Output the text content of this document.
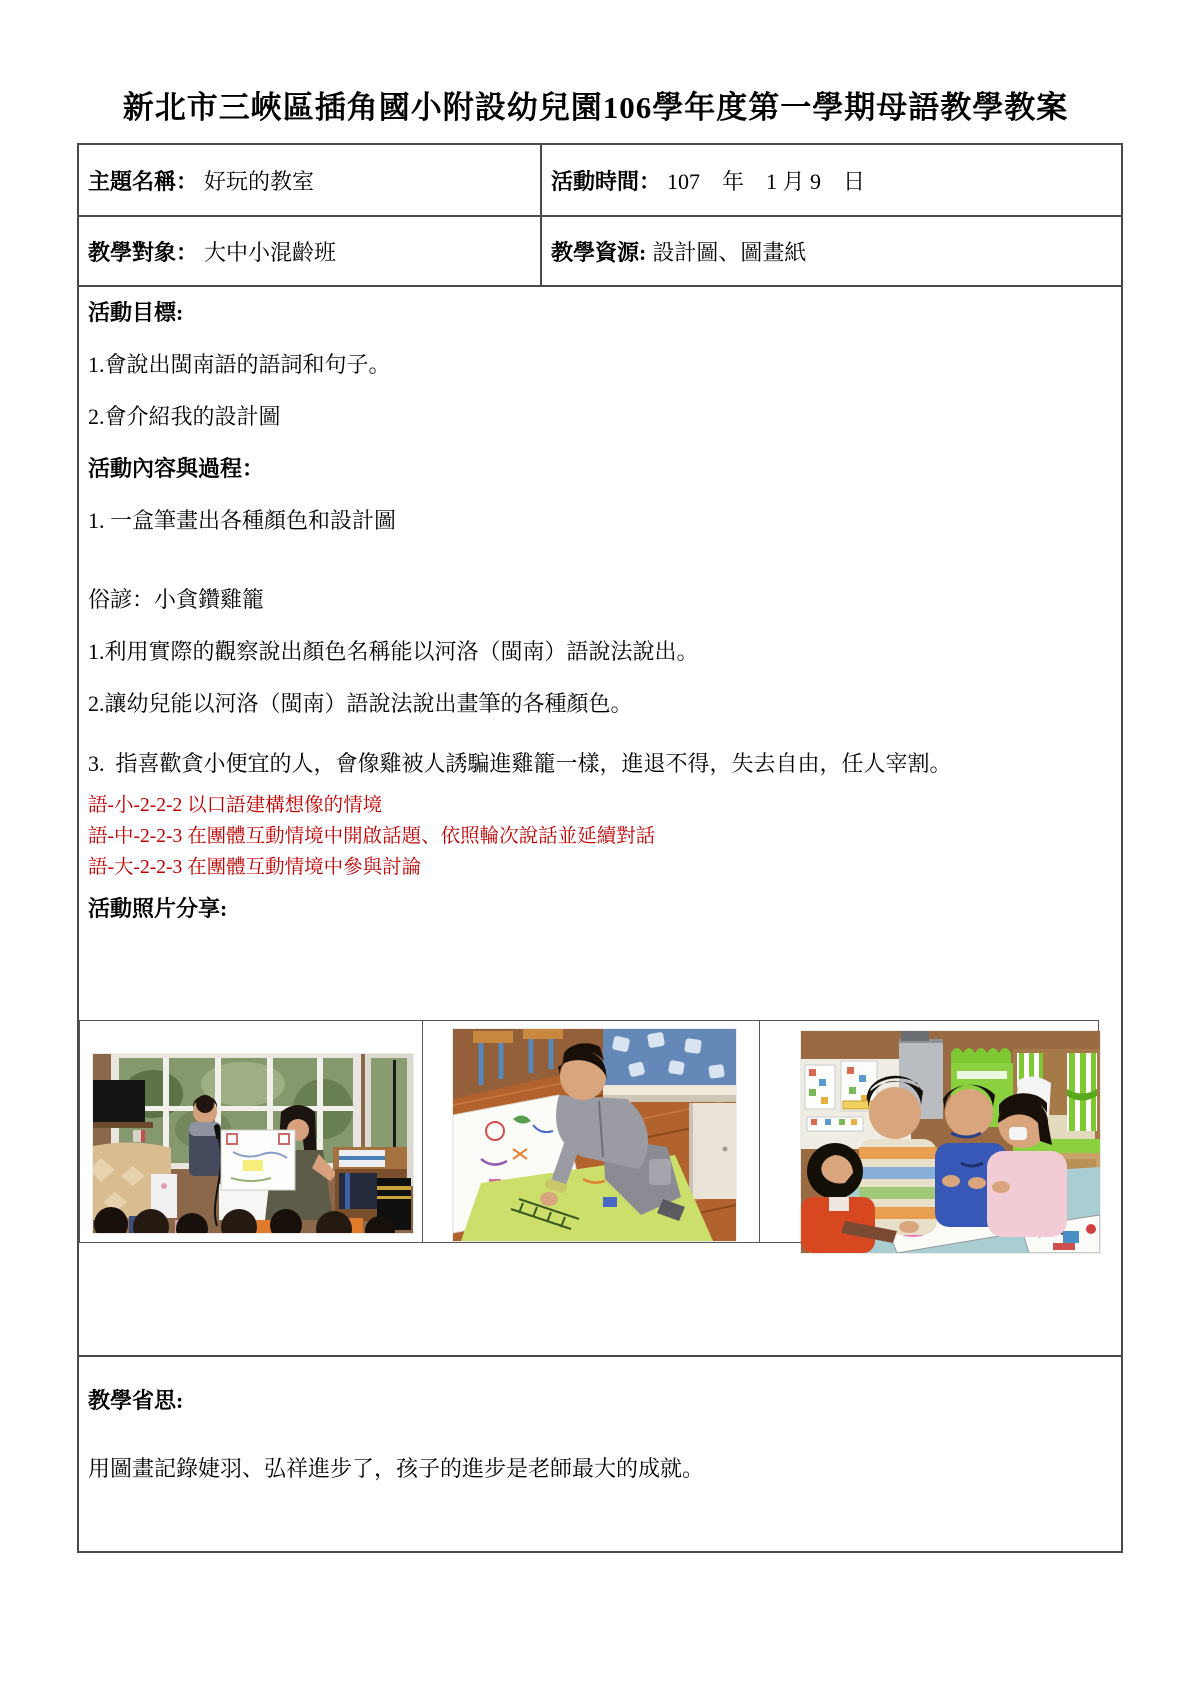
新北市三峽區插角國小附設幼兒園106學年度第一學期母語教學教案
主題名稱： 好玩的教室	活動時間： 107　年　1 月 9　日
教學對象： 大中小混齡班	教學資源: 設計圖、圖畫紙

活動目標:

1.會說出閩南語的語詞和句子。

2.會介紹我的設計圖

活動內容與過程：

1. 一盒筆畫出各種顏色和設計圖

俗諺：小貪鑽雞籠

1.利用實際的觀察說出顏色名稱能以河洛（閩南）語說法說出。

2.讓幼兒能以河洛（閩南）語說法說出畫筆的各種顏色。

3.  指喜歡貪小便宜的人，會像雞被人誘騙進雞籠一樣，進退不得，失去自由，任人宰割。

語-小-2-2-2 以口語建構想像的情境

語-中-2-2-3 在團體互動情境中開啟話題、依照輪次說話並延續對話

語-大-2-2-3 在團體互動情境中參與討論

活動照片分享:

教學省思:

用圖畫記錄婕羽、弘祥進步了，孩子的進步是老師最大的成就。
